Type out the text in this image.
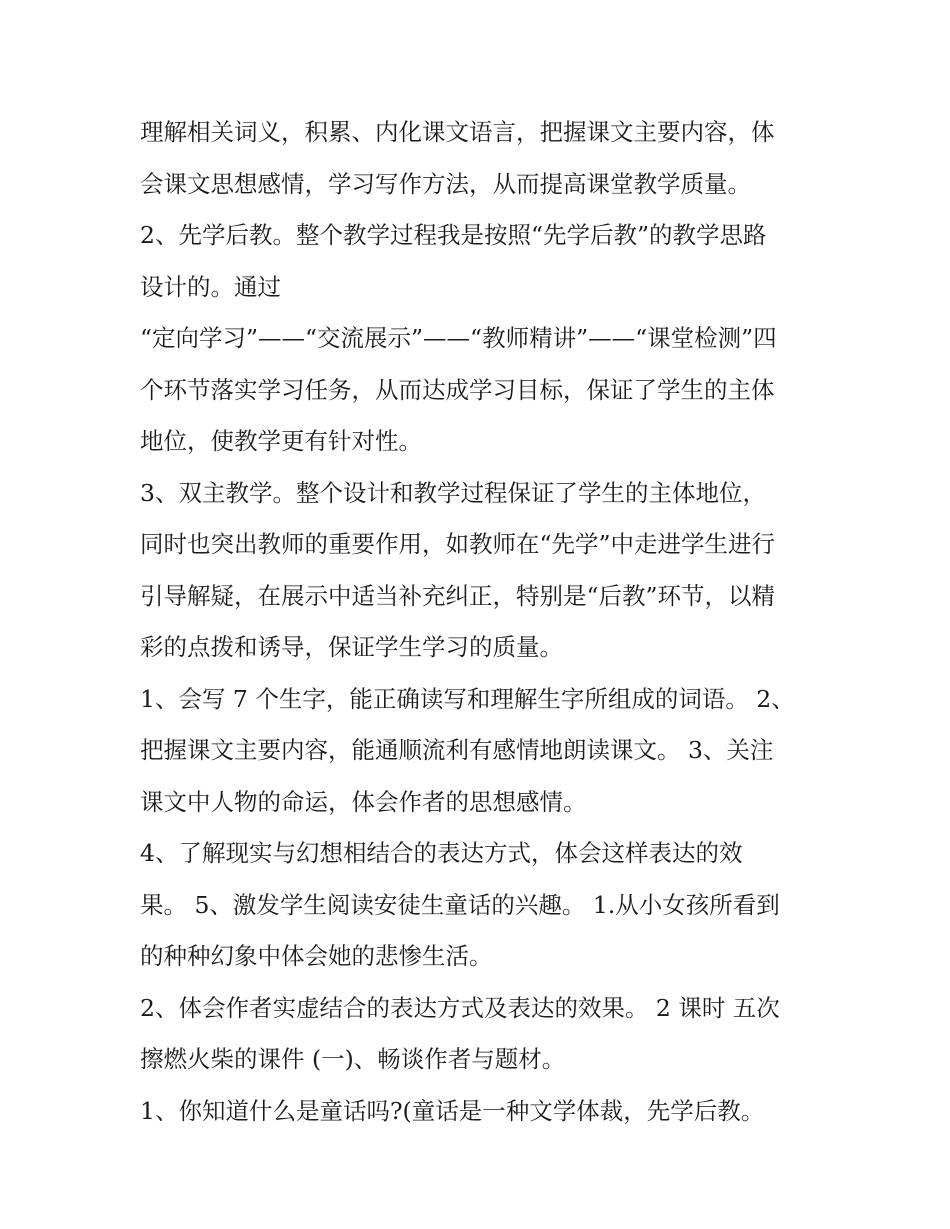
理解相关词义，积累、内化课文语言，把握课文主要内容，体
会课文思想感情，学习写作方法，从而提高课堂教学质量。
2、先学后教。整个教学过程我是按照“先学后教”的教学思路
设计的。通过
“定向学习”——“交流展示”——“教师精讲”——“课堂检测”四
个环节落实学习任务，从而达成学习目标，保证了学生的主体
地位，使教学更有针对性。
3、双主教学。整个设计和教学过程保证了学生的主体地位，
同时也突出教师的重要作用，如教师在“先学”中走进学生进行
引导解疑，在展示中适当补充纠正，特别是“后教”环节，以精
彩的点拨和诱导，保证学生学习的质量。
1、会写 7 个生字，能正确读写和理解生字所组成的词语。 2、
把握课文主要内容，能通顺流利有感情地朗读课文。 3、关注
课文中人物的命运，体会作者的思想感情。
4、了解现实与幻想相结合的表达方式，体会这样表达的效
果。 5、激发学生阅读安徒生童话的兴趣。 1.从小女孩所看到
的种种幻象中体会她的悲惨生活。
2、体会作者实虚结合的表达方式及表达的效果。 2 课时 五次
擦燃火柴的课件 (一)、畅谈作者与题材。
1、你知道什么是童话吗?(童话是一种文学体裁，先学后教。
